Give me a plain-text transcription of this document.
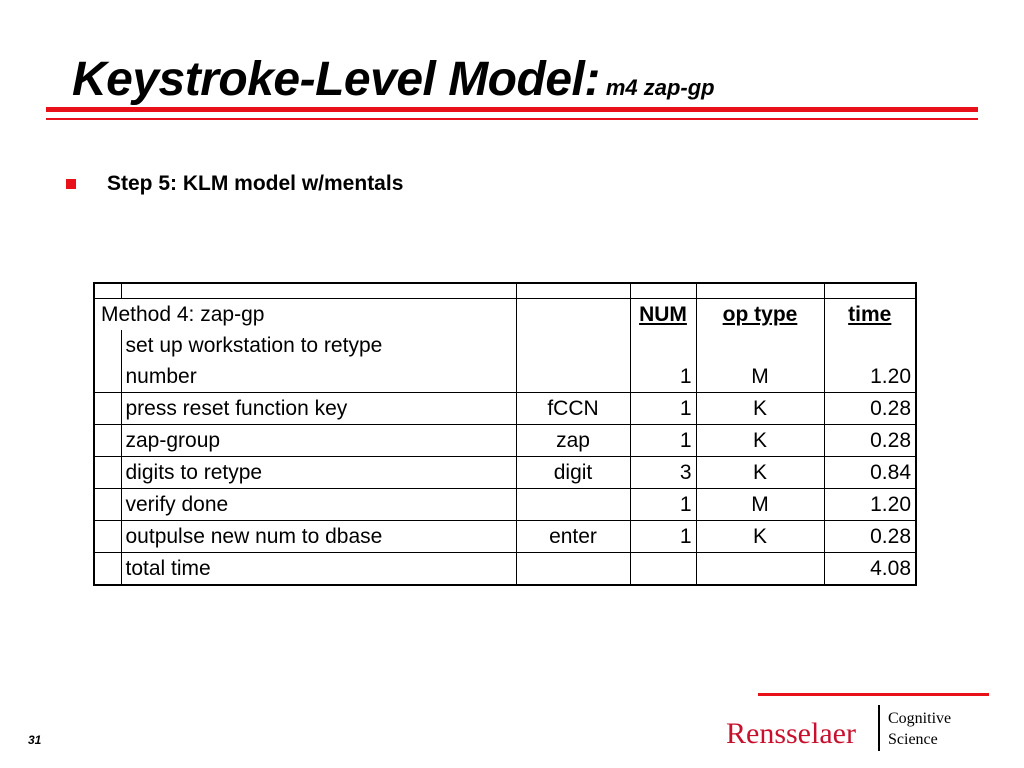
Keystroke-Level Model: m4 zap-gp
Step 5: KLM model w/mentals

Method 4: zap-gp			NUM	op type	time
	set up workstation to retype				
	number		1	M	1.20
	press reset function key	fCCN	1	K	0.28
	zap-group	zap	1	K	0.28
	digits to retype	digit	3	K	0.84
	verify done		1	M	1.20
	outpulse new num to dbase	enter	1	K	0.28
	total time				4.08
31	Rensselaer Cognitive
Science
